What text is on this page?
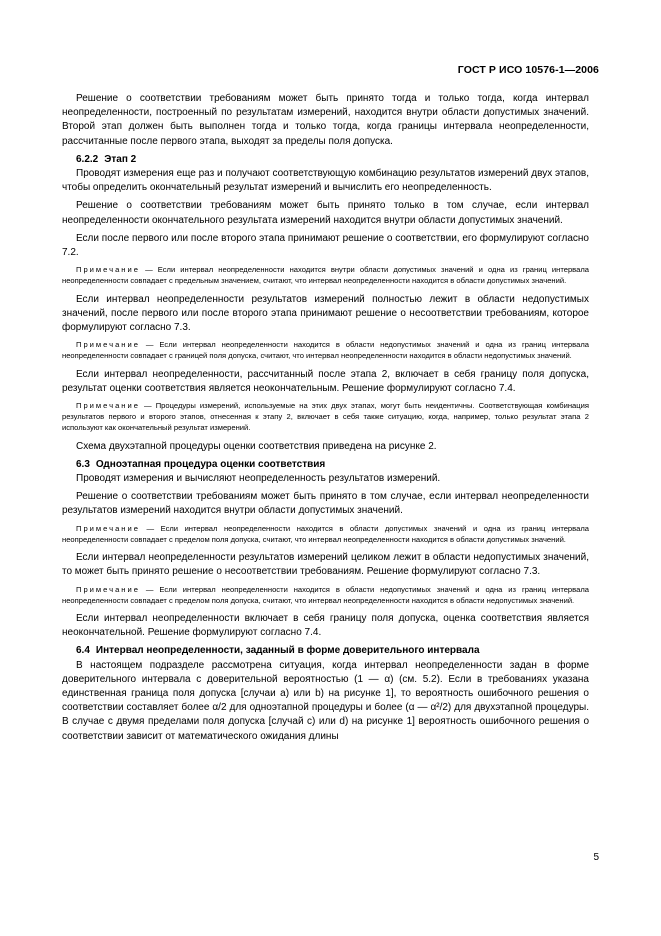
ГОСТ Р ИСО 10576-1—2006

Решение о соответствии требованиям может быть принято тогда и только тогда, когда интервал неопределенности, построенный по результатам измерений, находится внутри области допустимых значений. Второй этап должен быть выполнен тогда и только тогда, когда границы интервала неопределенности, рассчитанные после первого этапа, выходят за пределы поля допуска.

6.2.2 Этап 2

Проводят измерения еще раз и получают соответствующую комбинацию результатов измерений двух этапов, чтобы определить окончательный результат измерений и вычислить его неопределенность.

Решение о соответствии требованиям может быть принято только в том случае, если интервал неопределенности окончательного результата измерений находится внутри области допустимых значений.

Если после первого или после второго этапа принимают решение о соответствии, его формулируют согласно 7.2.

Примечание — Если интервал неопределенности находится внутри области допустимых значений и одна из границ интервала неопределенности совпадает с предельным значением, считают, что интервал неопределенности находится в области допустимых значений.

Если интервал неопределенности результатов измерений полностью лежит в области недопустимых значений, после первого или после второго этапа принимают решение о несоответствии требованиям, которое формулируют согласно 7.3.

Примечание — Если интервал неопределенности находится в области недопустимых значений и одна из границ интервала неопределенности совпадает с границей поля допуска, считают, что интервал неопределенности находится в области недопустимых значений.

Если интервал неопределенности, рассчитанный после этапа 2, включает в себя границу поля допуска, результат оценки соответствия является неокончательным. Решение формулируют согласно 7.4.

Примечание — Процедуры измерений, используемые на этих двух этапах, могут быть неидентичны. Соответствующая комбинация результатов первого и второго этапов, отнесенная к этапу 2, включает в себя также ситуацию, когда, например, только результат этапа 2 используют как окончательный результат измерений.

Схема двухэтапной процедуры оценки соответствия приведена на рисунке 2.

6.3 Одноэтапная процедура оценки соответствия

Проводят измерения и вычисляют неопределенность результатов измерений.

Решение о соответствии требованиям может быть принято в том случае, если интервал неопределенности результатов измерений находится внутри области допустимых значений.

Примечание — Если интервал неопределенности находится в области допустимых значений и одна из границ интервала неопределенности совпадает с пределом поля допуска, считают, что интервал неопределенности находится в области допустимых значений.

Если интервал неопределенности результатов измерений целиком лежит в области недопустимых значений, то может быть принято решение о несоответствии требованиям. Решение формулируют согласно 7.3.

Примечание — Если интервал неопределенности находится в области недопустимых значений и одна из границ интервала неопределенности совпадает с пределом поля допуска, считают, что интервал неопределенности находится в области недопустимых значений.

Если интервал неопределенности включает в себя границу поля допуска, оценка соответствия является неокончательной. Решение формулируют согласно 7.4.

6.4 Интервал неопределенности, заданный в форме доверительного интервала

В настоящем подразделе рассмотрена ситуация, когда интервал неопределенности задан в форме доверительного интервала с доверительной вероятностью (1 — α) (см. 5.2). Если в требованиях указана единственная граница поля допуска [случаи а) или b) на рисунке 1], то вероятность ошибочного решения о соответствии составляет более α/2 для одноэтапной процедуры и более (α — α²/2) для двухэтапной процедуры. В случае с двумя пределами поля допуска [случай с) или d) на рисунке 1] вероятность ошибочного решения о соответствии зависит от математического ожидания длины

5
